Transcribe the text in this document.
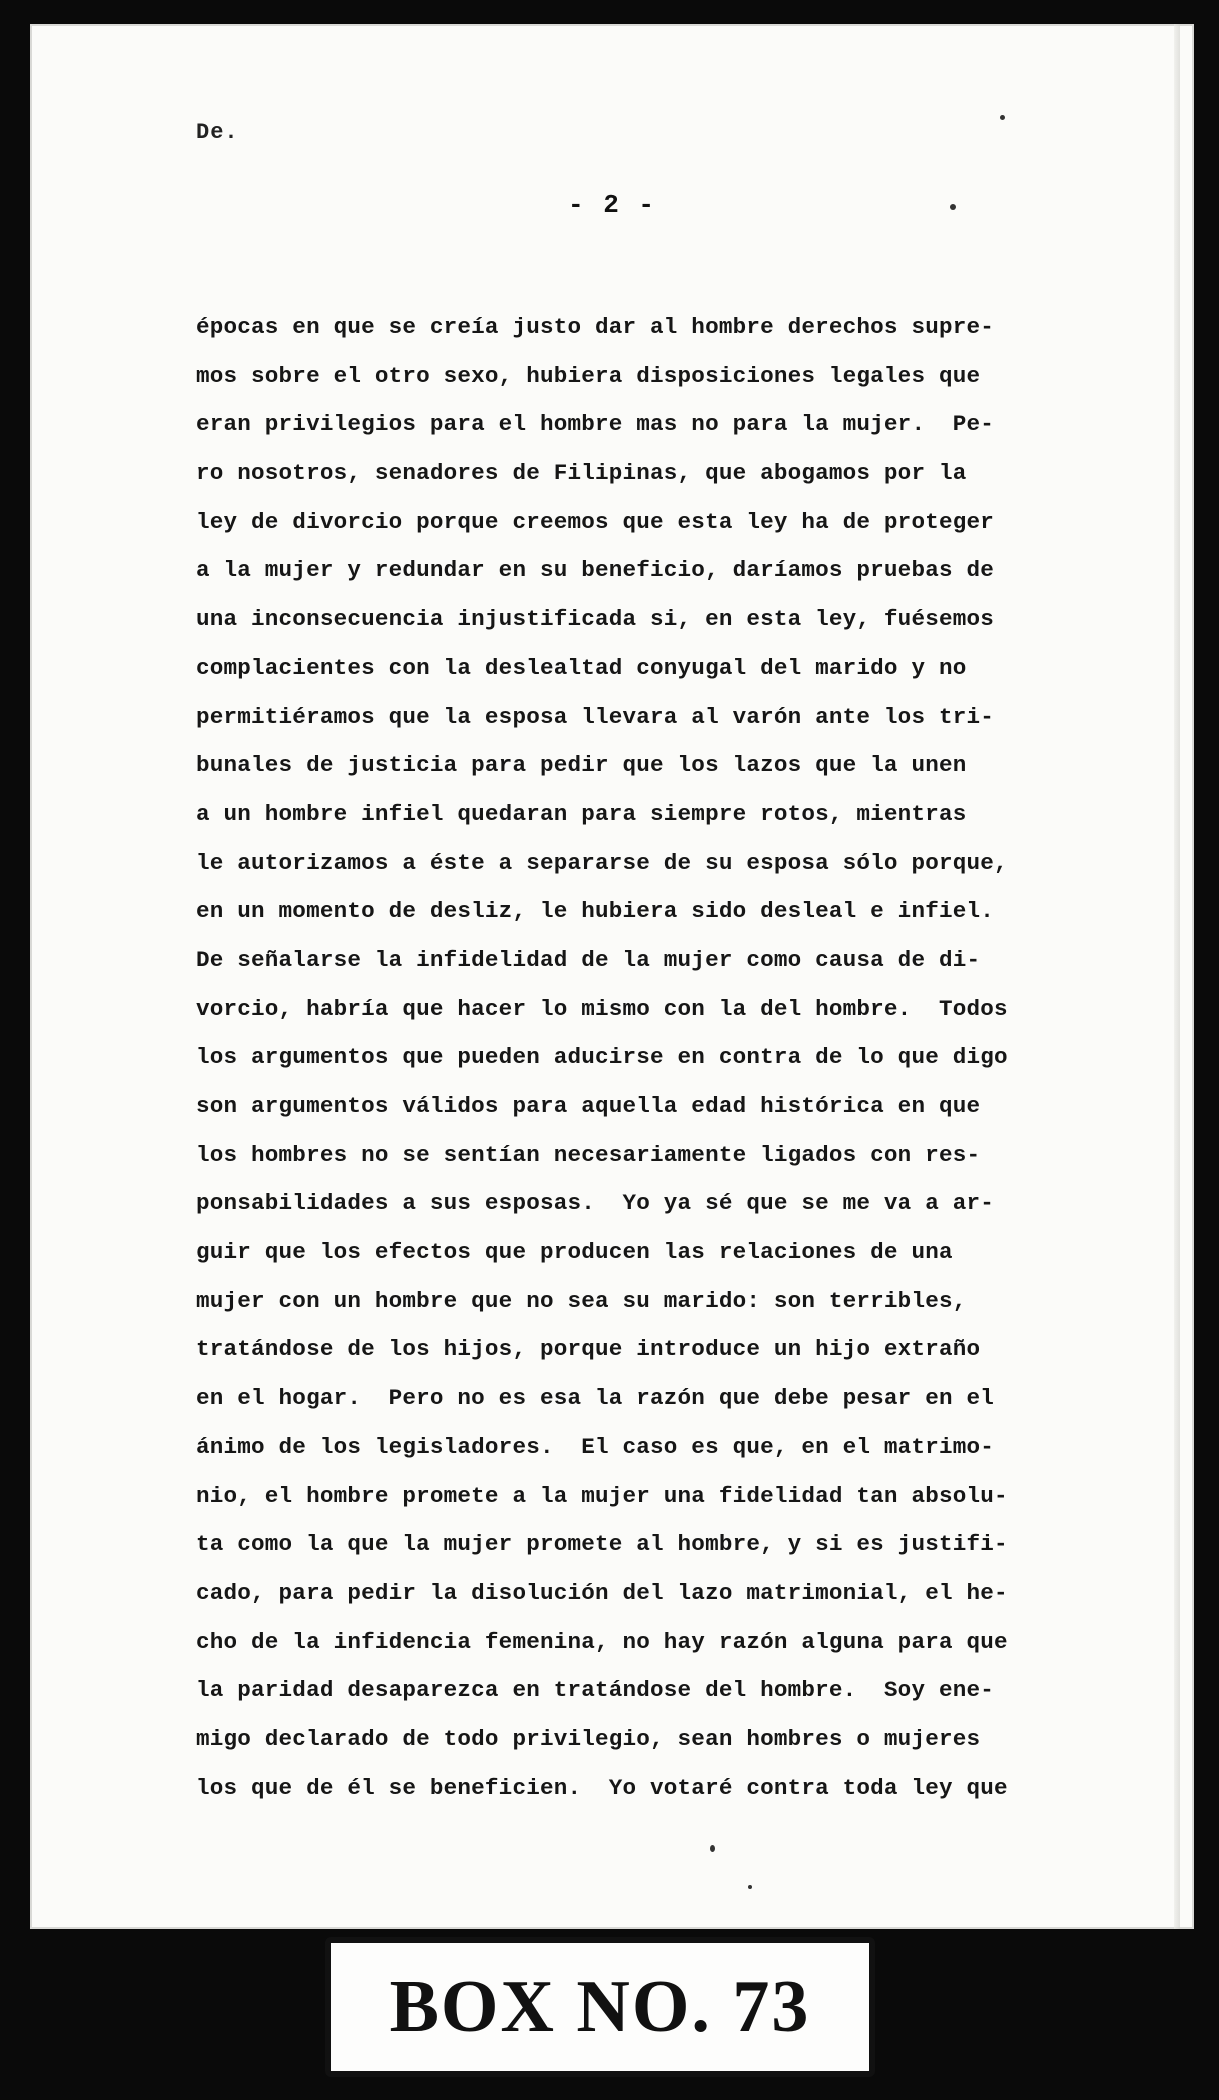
De.
- 2 -
épocas en que se creía justo dar al hombre derechos supre-
mos sobre el otro sexo, hubiera disposiciones legales que
eran privilegios para el hombre mas no para la mujer.  Pe-
ro nosotros, senadores de Filipinas, que abogamos por la
ley de divorcio porque creemos que esta ley ha de proteger
a la mujer y redundar en su beneficio, daríamos pruebas de
una inconsecuencia injustificada si, en esta ley, fuésemos
complacientes con la deslealtad conyugal del marido y no
permitiéramos que la esposa llevara al varón ante los tri-
bunales de justicia para pedir que los lazos que la unen
a un hombre infiel quedaran para siempre rotos, mientras
le autorizamos a éste a separarse de su esposa sólo porque,
en un momento de desliz, le hubiera sido desleal e infiel.
De señalarse la infidelidad de la mujer como causa de di-
vorcio, habría que hacer lo mismo con la del hombre.  Todos
los argumentos que pueden aducirse en contra de lo que digo
son argumentos válidos para aquella edad histórica en que
los hombres no se sentían necesariamente ligados con res-
ponsabilidades a sus esposas.  Yo ya sé que se me va a ar-
guir que los efectos que producen las relaciones de una
mujer con un hombre que no sea su marido: son terribles,
tratándose de los hijos, porque introduce un hijo extraño
en el hogar.  Pero no es esa la razón que debe pesar en el
ánimo de los legisladores.  El caso es que, en el matrimo-
nio, el hombre promete a la mujer una fidelidad tan absolu-
ta como la que la mujer promete al hombre, y si es justifi-
cado, para pedir la disolución del lazo matrimonial, el he-
cho de la infidencia femenina, no hay razón alguna para que
la paridad desaparezca en tratándose del hombre.  Soy ene-
migo declarado de todo privilegio, sean hombres o mujeres
los que de él se beneficien.  Yo votaré contra toda ley que
BOX NO. 73
